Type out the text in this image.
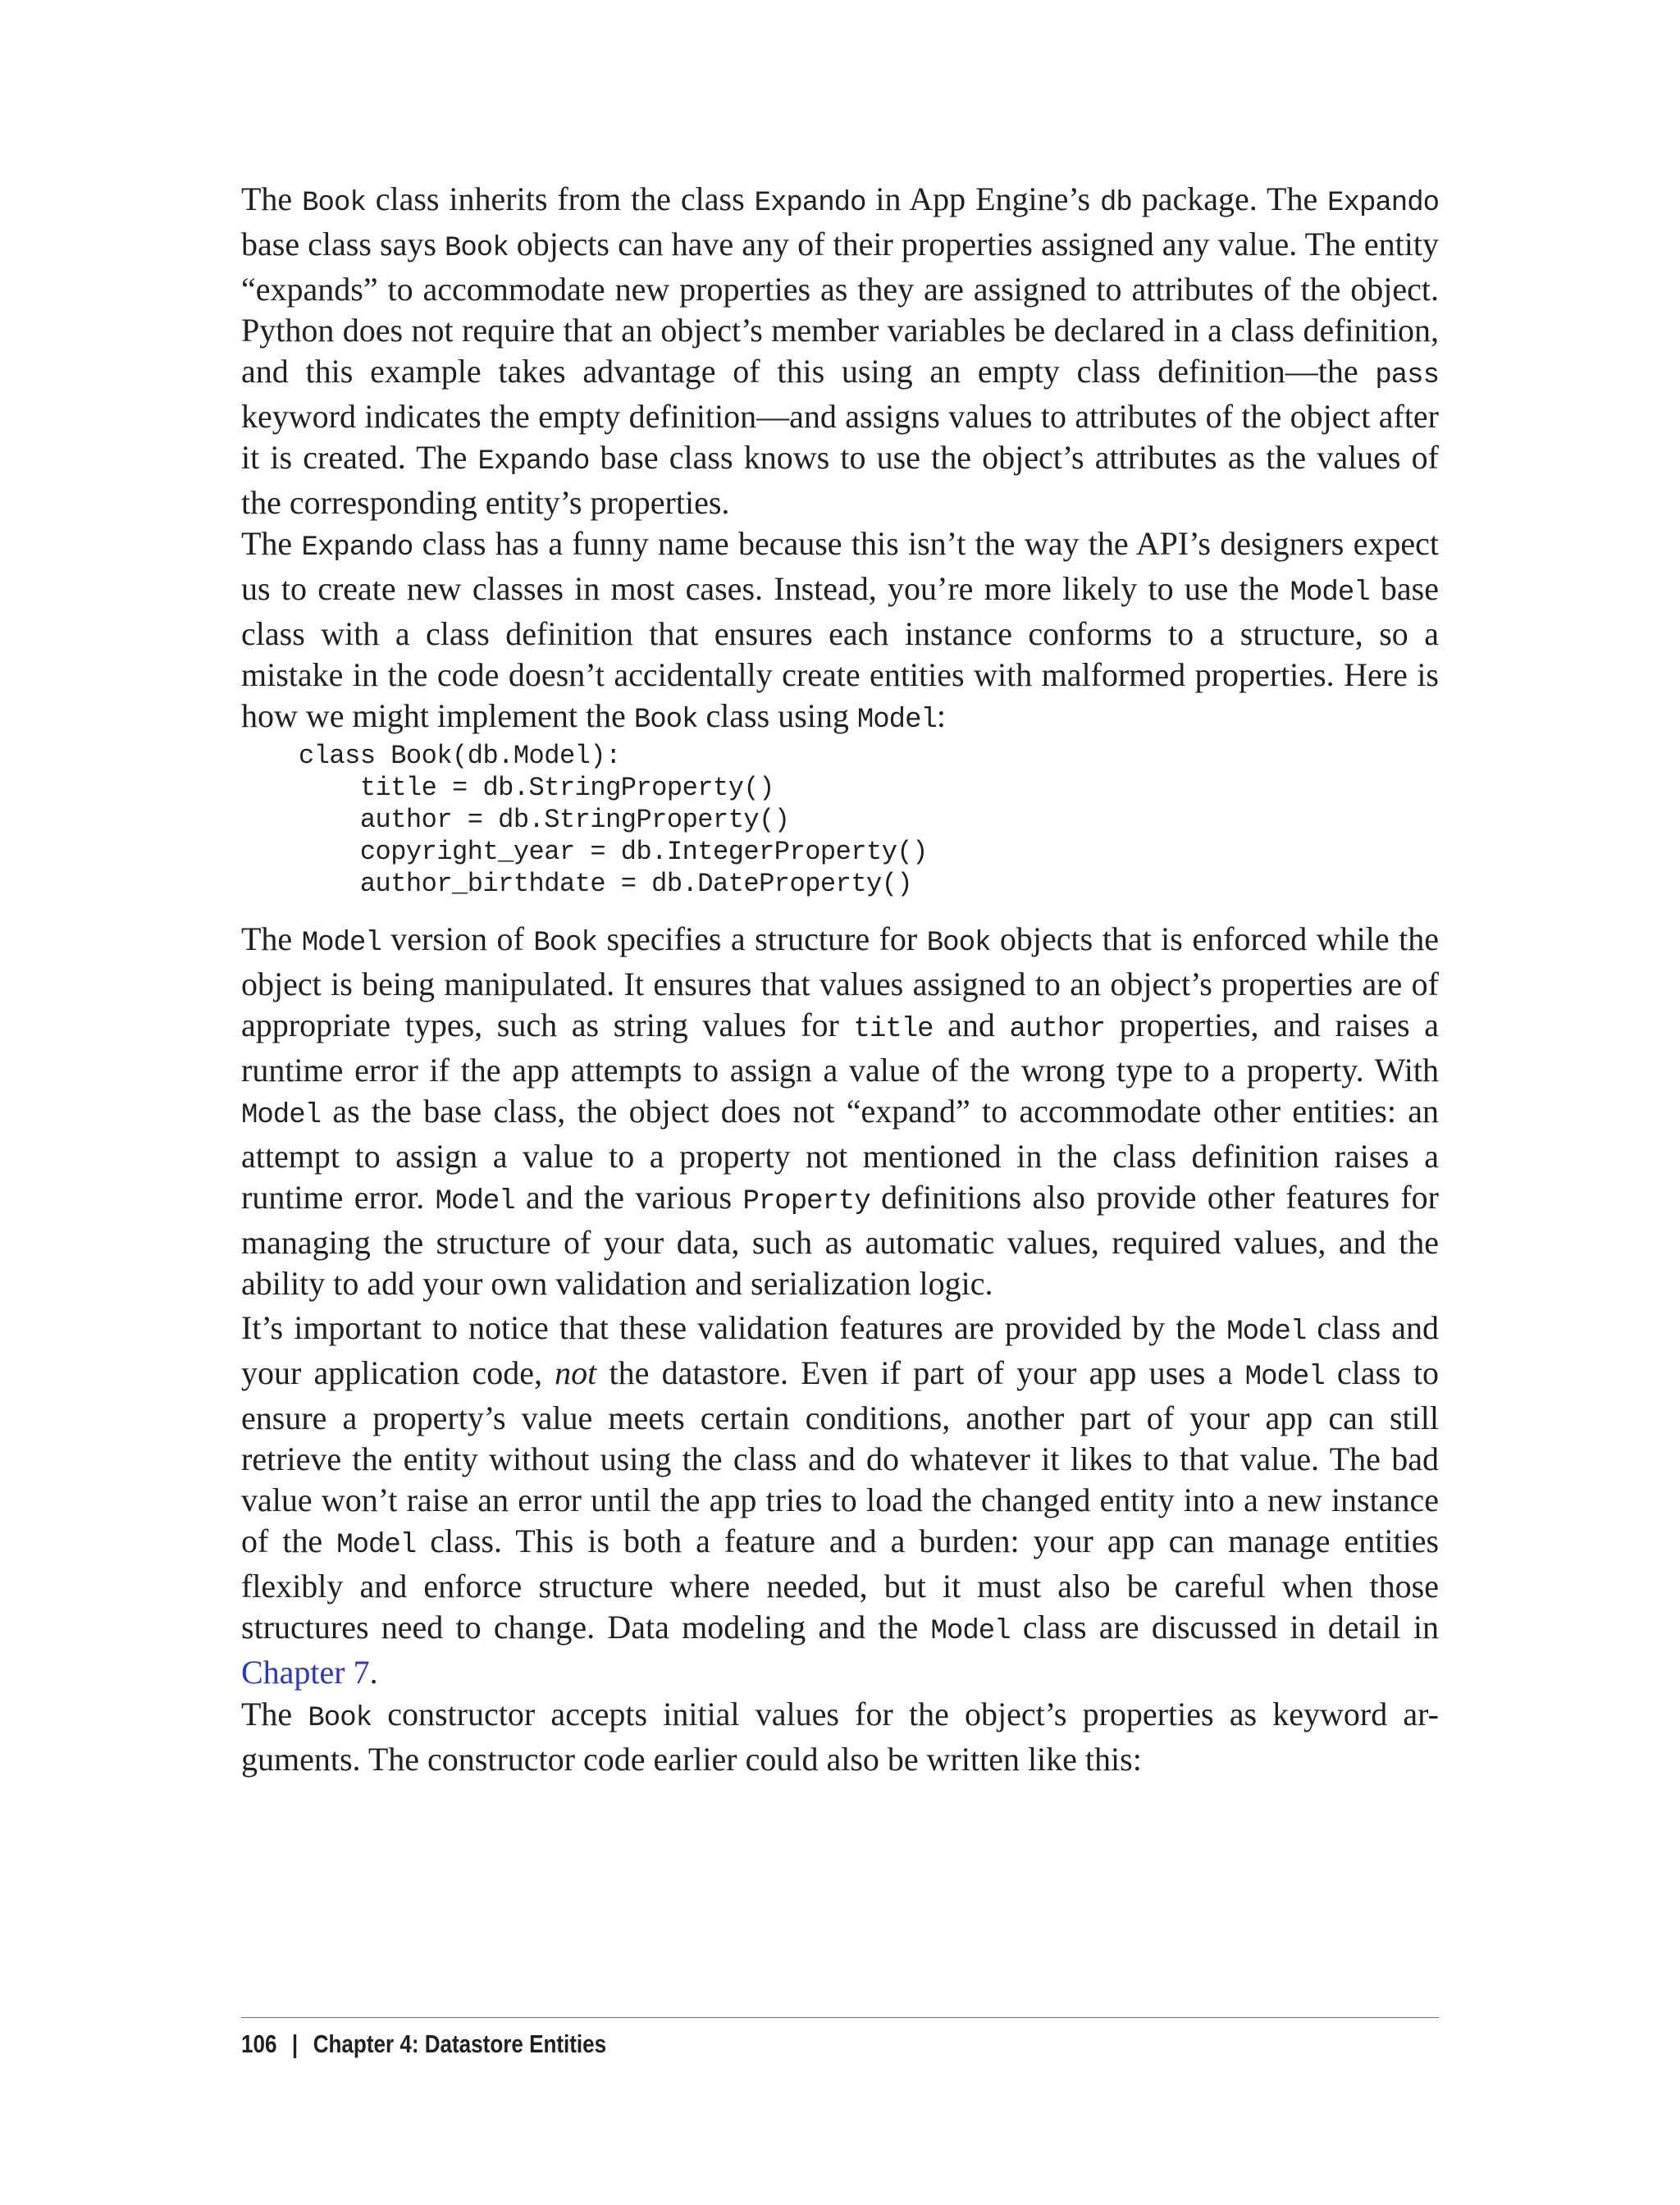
The Book class inherits from the class Expando in App Engine’s db package. The Expando base class says Book objects can have any of their properties assigned any value. The entity “expands” to accommodate new properties as they are assigned to attributes of the object. Python does not require that an object’s member variables be declared in a class definition, and this example takes advantage of this using an empty class definition—the pass keyword indicates the empty definition—and assigns values to attributes of the object after it is created. The Expando base class knows to use the object’s attributes as the values of the corresponding entity’s properties.

The Expando class has a funny name because this isn’t the way the API’s designers expect us to create new classes in most cases. Instead, you’re more likely to use the Model base class with a class definition that ensures each instance conforms to a structure, so a mistake in the code doesn’t accidentally create entities with malformed properties. Here is how we might implement the Book class using Model:

class Book(db.Model):
title = db.StringProperty()
author = db.StringProperty()
copyright_year = db.IntegerProperty()
author_birthdate = db.DateProperty()

The Model version of Book specifies a structure for Book objects that is enforced while the object is being manipulated. It ensures that values assigned to an object’s properties are of appropriate types, such as string values for title and author properties, and raises a runtime error if the app attempts to assign a value of the wrong type to a property. With Model as the base class, the object does not “expand” to accommodate other entities: an attempt to assign a value to a property not mentioned in the class definition raises a runtime error. Model and the various Property definitions also provide other features for managing the structure of your data, such as automatic values, required values, and the ability to add your own validation and serialization logic.

It’s important to notice that these validation features are provided by the Model class and your application code, not the datastore. Even if part of your app uses a Model class to ensure a property’s value meets certain conditions, another part of your app can still retrieve the entity without using the class and do whatever it likes to that value. The bad value won’t raise an error until the app tries to load the changed entity into a new instance of the Model class. This is both a feature and a burden: your app can manage entities flexibly and enforce structure where needed, but it must also be careful when those structures need to change. Data modeling and the Model class are discussed in detail in Chapter 7.

The Book constructor accepts initial values for the object’s properties as keyword ar-guments. The constructor code earlier could also be written like this:

106 | Chapter 4: Datastore Entities
